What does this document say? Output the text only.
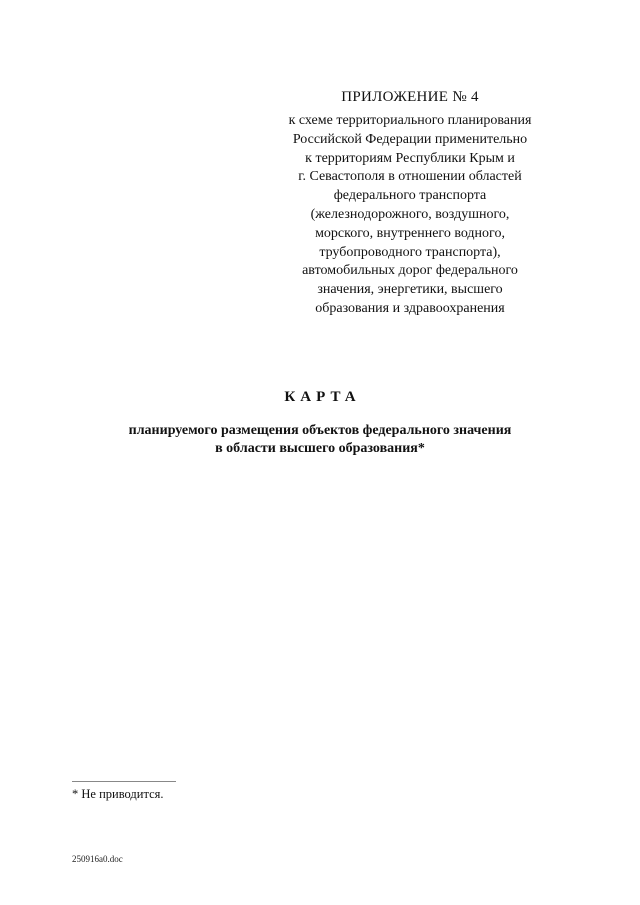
ПРИЛОЖЕНИЕ № 4
к схеме территориального планирования
Российской Федерации применительно
к территориям Республики Крым и
г. Севастополя в отношении областей
федерального транспорта
(железнодорожного, воздушного,
морского, внутреннего водного,
трубопроводного транспорта),
автомобильных дорог федерального
значения, энергетики, высшего
образования и здравоохранения
КАРТА
планируемого размещения объектов федерального значения
в области высшего образования*
* Не приводится.
250916a0.doc
